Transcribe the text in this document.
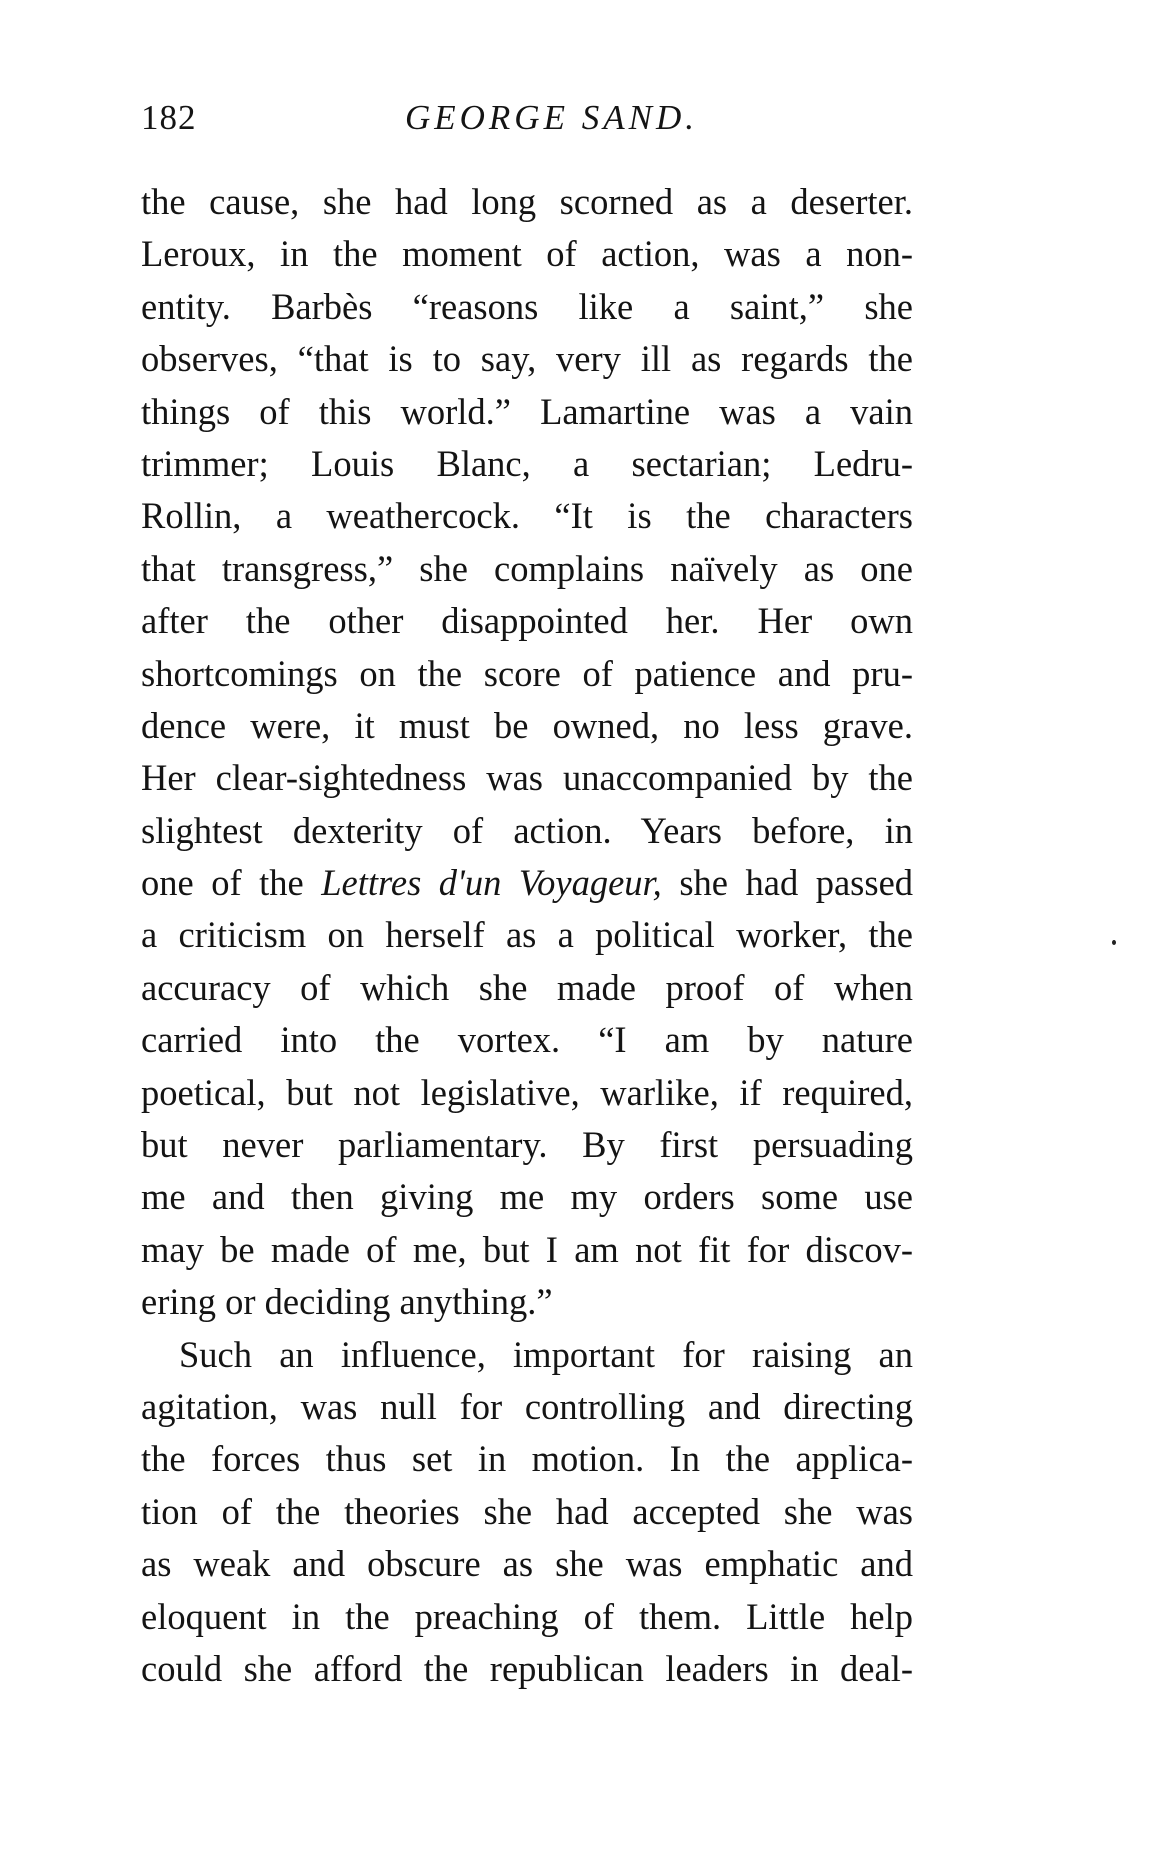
182	GEORGE SAND.
the cause, she had long scorned as a deserter.
Leroux, in the moment of action, was a non-
entity. Barbès “reasons like a saint,” she
observes, “that is to say, very ill as regards the
things of this world.” Lamartine was a vain
trimmer; Louis Blanc, a sectarian; Ledru-
Rollin, a weathercock. “It is the characters
that transgress,” she complains naïvely as one
after the other disappointed her. Her own
shortcomings on the score of patience and pru-
dence were, it must be owned, no less grave.
Her clear-sightedness was unaccompanied by the
slightest dexterity of action. Years before, in
one of the Lettres d'un Voyageur, she had passed
a criticism on herself as a political worker, the
accuracy of which she made proof of when
carried into the vortex. “I am by nature
poetical, but not legislative, warlike, if required,
but never parliamentary. By first persuading
me and then giving me my orders some use
may be made of me, but I am not fit for discov-
ering or deciding anything.”
Such an influence, important for raising an
agitation, was null for controlling and directing
the forces thus set in motion. In the applica-
tion of the theories she had accepted she was
as weak and obscure as she was emphatic and
eloquent in the preaching of them. Little help
could she afford the republican leaders in deal-
